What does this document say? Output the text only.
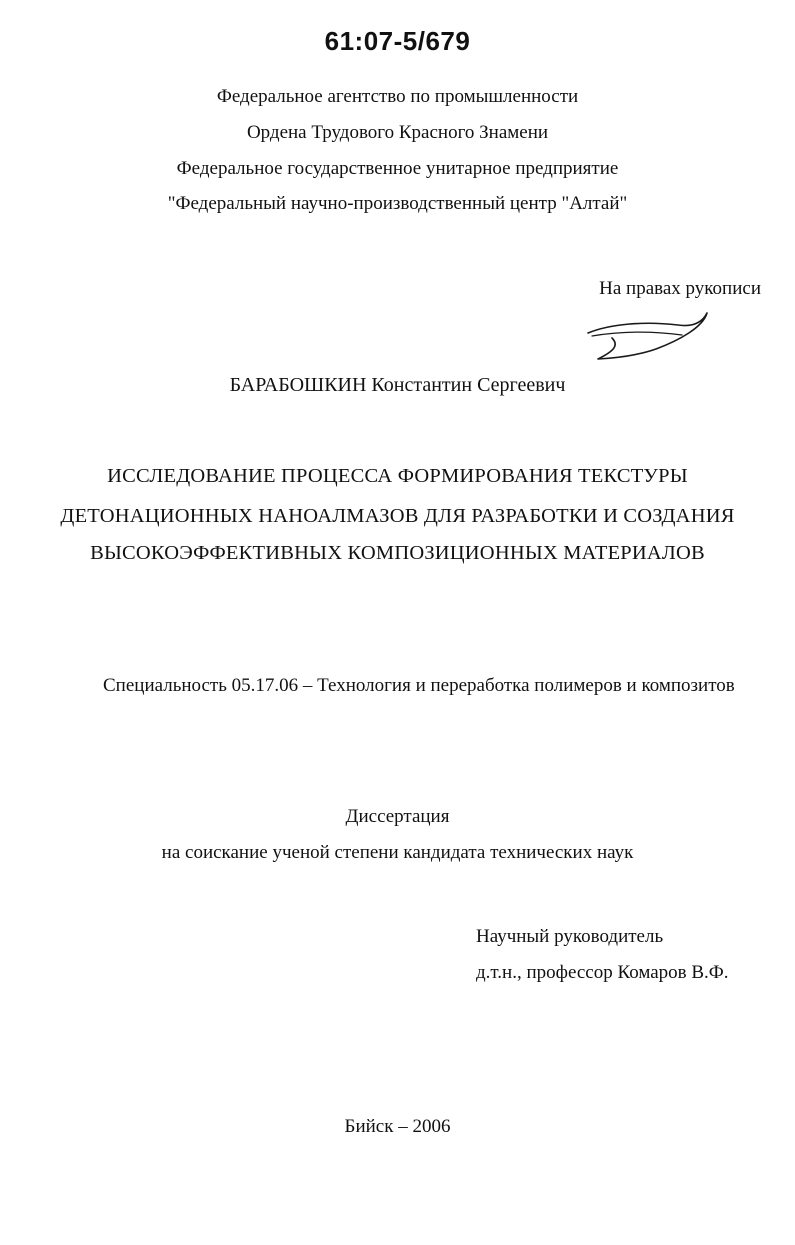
61:07-5/679
Федеральное агентство по промышленности
Ордена Трудового Красного Знамени
Федеральное государственное унитарное предприятие
"Федеральный научно-производственный центр "Алтай"
На правах рукописи
БАРАБОШКИН Константин Сергеевич
ИССЛЕДОВАНИЕ ПРОЦЕССА ФОРМИРОВАНИЯ ТЕКСТУРЫ
ДЕТОНАЦИОННЫХ НАНОАЛМАЗОВ ДЛЯ РАЗРАБОТКИ И СОЗДАНИЯ
ВЫСОКОЭФФЕКТИВНЫХ КОМПОЗИЦИОННЫХ МАТЕРИАЛОВ
Специальность 05.17.06 – Технология и переработка полимеров и композитов
Диссертация
на соискание ученой степени кандидата технических наук
Научный руководитель
д.т.н., профессор Комаров В.Ф.
Бийск – 2006
